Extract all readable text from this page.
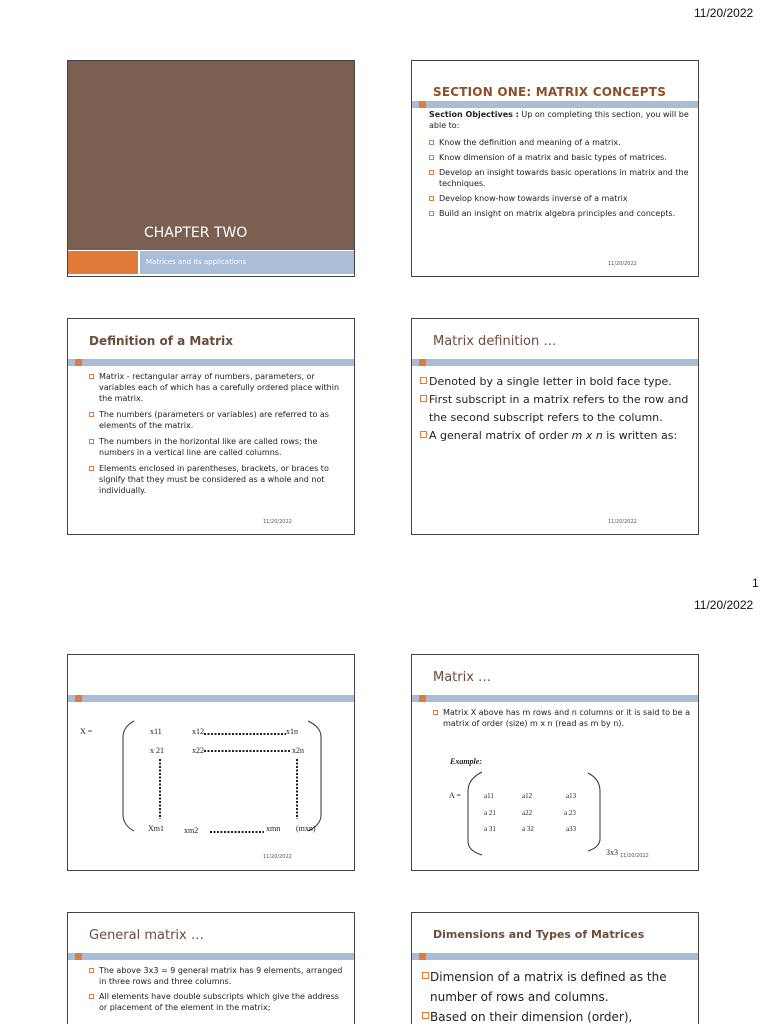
11/20/2022
1
11/20/2022
CHAPTER TWO
Matrices and its applications
SECTION ONE: MATRIX CONCEPTS
Section Objectives : Up on completing this section, you will be able to:
Know the definition and meaning of a matrix.
Know dimension of a matrix and basic types of matrices.
Develop an insight towards basic operations in matrix and the techniques.
Develop know-how towards inverse of a matrix
Build an insight on matrix algebra principles and concepts.
11/20/2022
Definition of a Matrix
Matrix - rectangular array of numbers, parameters, or variables each of which has a carefully ordered place within the matrix.
The numbers (parameters or variables) are referred to as elements of the matrix.
The numbers in the horizontal like are called rows; the numbers in a vertical line are called columns.
Elements enclosed in parentheses, brackets, or braces to signify that they must be considered as a whole and not individually.
11/20/2022
Matrix definition …
Denoted by a single letter in bold face type.
First subscript in a matrix refers to the row and the second subscript refers to the column.
A general matrix of order m x n is written as:
11/20/2022
X =	x11	x12	x1n
x 21	x22	x2n
Xm1	xm2	xmn (mxn)
11/20/2022
Matrix …
Matrix X above has m rows and n columns or it is said to be a matrix of order (size) m x n (read as m by n).
Example:
A =	a11	a12	a13
a 21	a22	a 23
a 31	a 32	a33
3x3 11/20/2022
General matrix …
The above 3x3 = 9 general matrix has 9 elements, arranged in three rows and three columns.
All elements have double subscripts which give the address or placement of the element in the matrix;
Dimensions and Types of Matrices
Dimension of a matrix is defined as the number of rows and columns.
Based on their dimension (order),
